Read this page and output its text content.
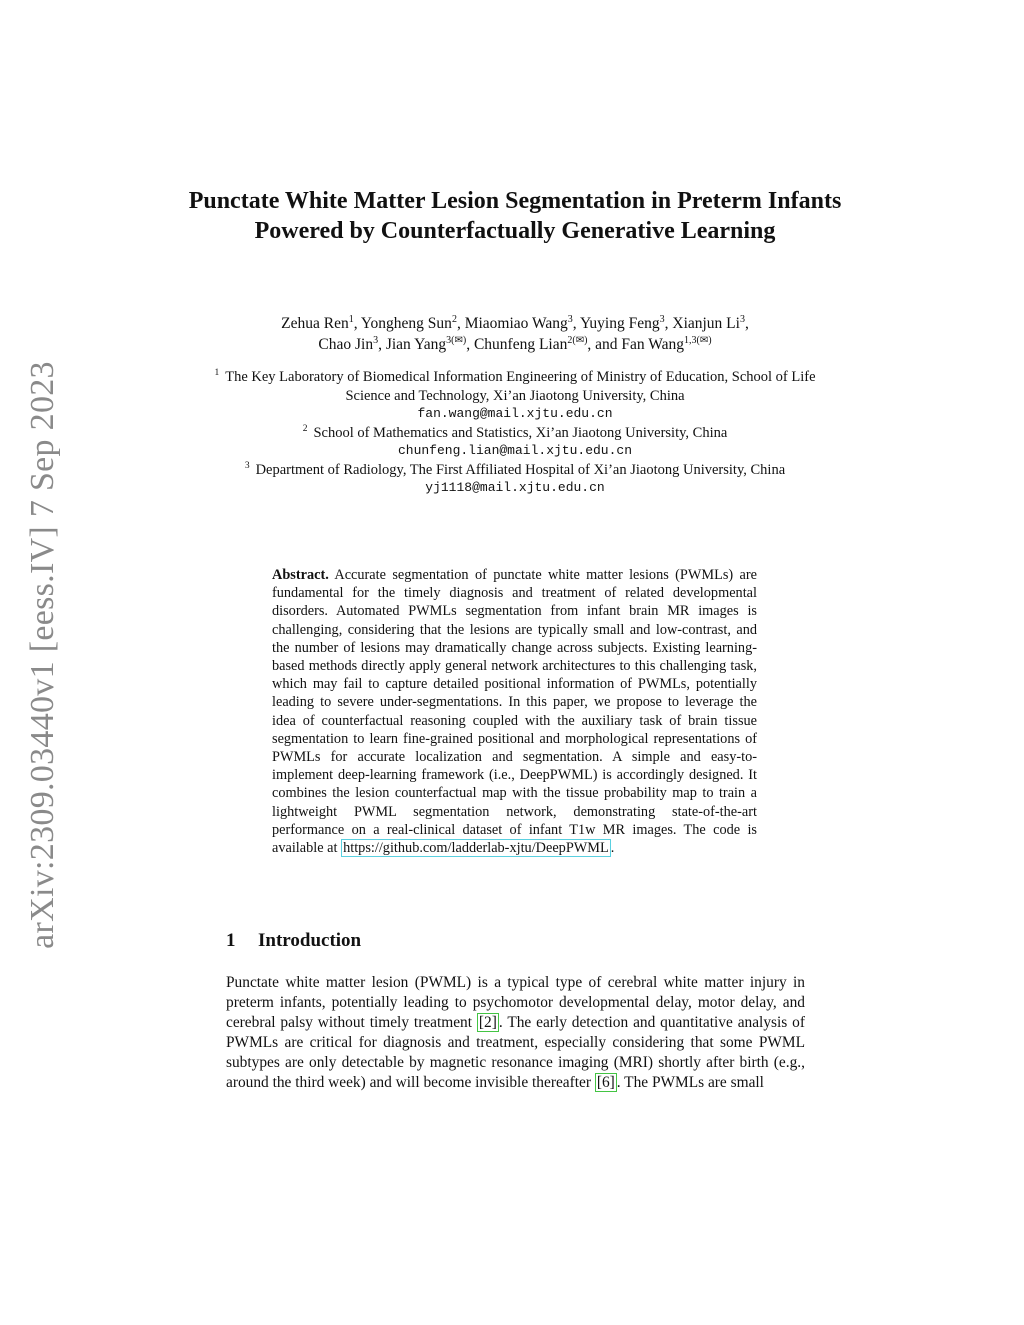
arXiv:2309.03440v1 [eess.IV] 7 Sep 2023
Punctate White Matter Lesion Segmentation in Preterm Infants Powered by Counterfactually Generative Learning
Zehua Ren$^1$, Yongheng Sun$^2$, Miaomiao Wang$^3$, Yuying Feng$^3$, Xianjun Li$^3$,
Chao Jin$^3$, Jian Yang$^{3(✉)}$, Chunfeng Lian$^{2(✉)}$, and Fan Wang$^{1,3(✉)}$
$^1$ The Key Laboratory of Biomedical Information Engineering of Ministry of Education, School of Life Science and Technology, Xi’an Jiaotong University, China
fan.wang@mail.xjtu.edu.cn
$^2$ School of Mathematics and Statistics, Xi’an Jiaotong University, China
chunfeng.lian@mail.xjtu.edu.cn
$^3$ Department of Radiology, The First Affiliated Hospital of Xi’an Jiaotong University, China
yj1118@mail.xjtu.edu.cn
Abstract. Accurate segmentation of punctate white matter lesions (PWMLs) are fundamental for the timely diagnosis and treatment of related developmental disorders. Automated PWMLs segmentation from infant brain MR images is challenging, considering that the lesions are typically small and low-contrast, and the number of lesions may dramatically change across subjects. Existing learning-based methods directly apply general network architectures to this challenging task, which may fail to capture detailed positional information of PWMLs, potentially leading to severe under-segmentations. In this paper, we propose to leverage the idea of counterfactual reasoning coupled with the auxiliary task of brain tissue segmentation to learn fine-grained positional and morphological representations of PWMLs for accurate localization and segmentation. A simple and easy-to-implement deep-learning framework (i.e., DeepPWML) is accordingly designed. It combines the lesion counterfactual map with the tissue probability map to train a lightweight PWML segmentation network, demonstrating state-of-the-art performance on a real-clinical dataset of infant T1w MR images. The code is available at https://github.com/ladderlab-xjtu/DeepPWML .
1 Introduction
Punctate white matter lesion (PWML) is a typical type of cerebral white matter injury in preterm infants, potentially leading to psychomotor developmental delay, motor delay, and cerebral palsy without timely treatment [2] . The early detection and quantitative analysis of PWMLs are critical for diagnosis and treatment, especially considering that some PWML subtypes are only detectable by magnetic resonance imaging (MRI) shortly after birth (e.g., around the third week) and will become invisible thereafter [6] . The PWMLs are small
